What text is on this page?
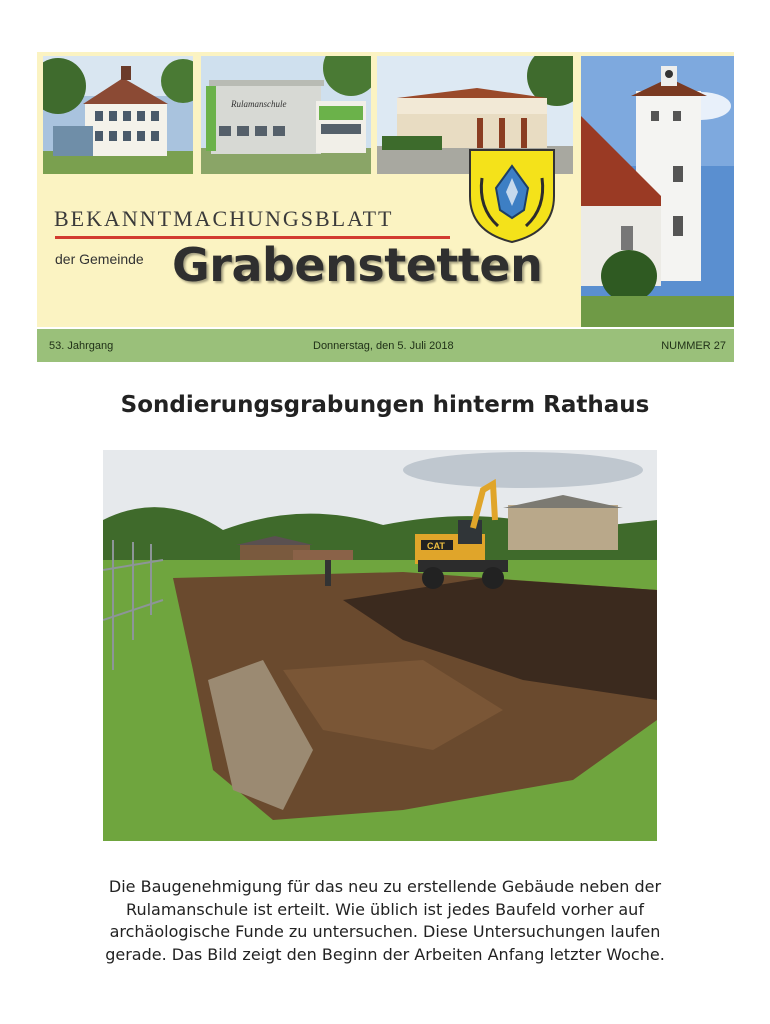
Rulamanschule
BEKANNTMACHUNGSBLATT
der Gemeinde Grabenstetten
53. Jahrgang	Donnerstag, den 5. Juli 2018	NUMMER 27
Sondierungsgrabungen hinterm Rathaus
CAT
Die Baugenehmigung für das neu zu erstellende Gebäude neben der
Rulamanschule ist erteilt. Wie üblich ist jedes Baufeld vorher auf
archäologische Funde zu untersuchen. Diese Untersuchungen laufen
gerade. Das Bild zeigt den Beginn der Arbeiten Anfang letzter Woche.
